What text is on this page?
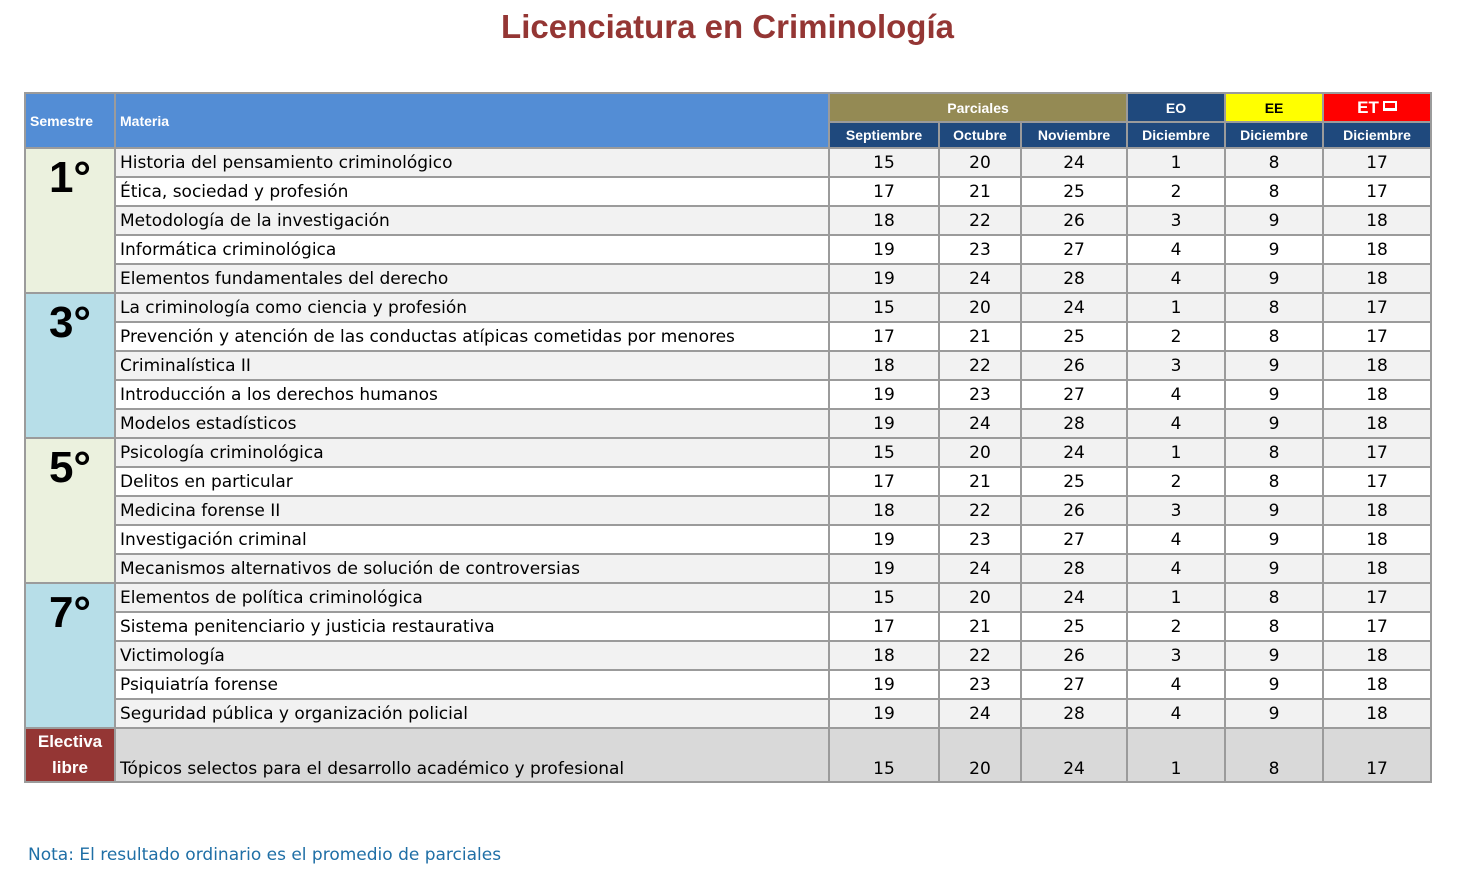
Licenciatura en Criminología
Semestre	Materia	Parciales			EO	EE	ET
		Septiembre	Octubre	Noviembre	Diciembre	Diciembre	Diciembre
1°	Historia del pensamiento criminológico	15	20	24	1	8	17
	Ética, sociedad y profesión	17	21	25	2	8	17
	Metodología de la investigación	18	22	26	3	9	18
	Informática criminológica	19	23	27	4	9	18
	Elementos fundamentales del derecho	19	24	28	4	9	18
3°	La criminología como ciencia y profesión	15	20	24	1	8	17
	Prevención y atención de las conductas atípicas cometidas por menores	17	21	25	2	8	17
	Criminalística II	18	22	26	3	9	18
	Introducción a los derechos humanos	19	23	27	4	9	18
	Modelos estadísticos	19	24	28	4	9	18
5°	Psicología criminológica	15	20	24	1	8	17
	Delitos en particular	17	21	25	2	8	17
	Medicina forense II	18	22	26	3	9	18
	Investigación criminal	19	23	27	4	9	18
	Mecanismos alternativos de solución de controversias	19	24	28	4	9	18
7°	Elementos de política criminológica	15	20	24	1	8	17
	Sistema penitenciario y justicia restaurativa	17	21	25	2	8	17
	Victimología	18	22	26	3	9	18
	Psiquiatría forense	19	23	27	4	9	18
	Seguridad pública y organización policial	19	24	28	4	9	18
Electiva libre	Tópicos selectos para el desarrollo académico y profesional	15	20	24	1	8	17
Nota: El resultado ordinario es el promedio de parciales
